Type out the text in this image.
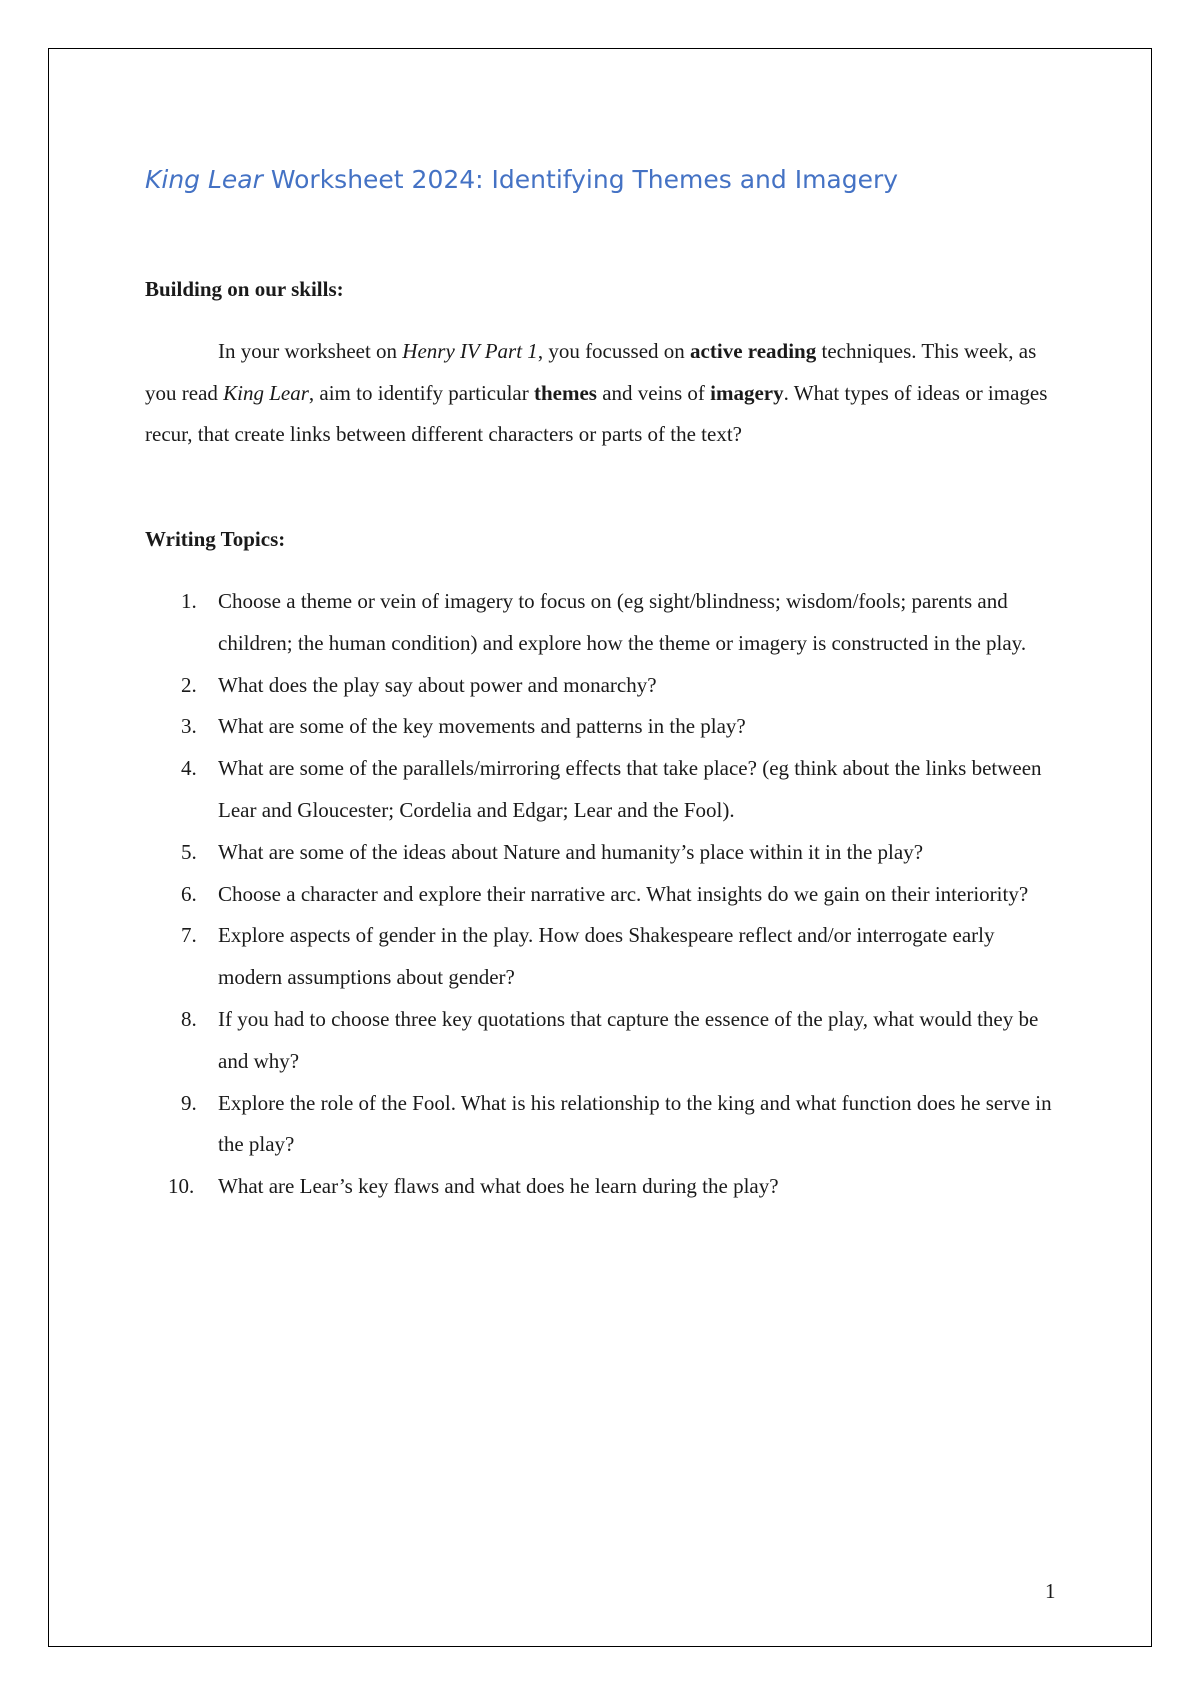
King Lear Worksheet 2024: Identifying Themes and Imagery

Building on our skills:

In your worksheet on Henry IV Part 1, you focussed on active reading techniques. This week, as you read King Lear, aim to identify particular themes and veins of imagery. What types of ideas or images recur, that create links between different characters or parts of the text?

Writing Topics:

1. Choose a theme or vein of imagery to focus on (eg sight/blindness; wisdom/fools; parents and children; the human condition) and explore how the theme or imagery is constructed in the play.
2. What does the play say about power and monarchy?
3. What are some of the key movements and patterns in the play?
4. What are some of the parallels/mirroring effects that take place? (eg think about the links between Lear and Gloucester; Cordelia and Edgar; Lear and the Fool).
5. What are some of the ideas about Nature and humanity’s place within it in the play?
6. Choose a character and explore their narrative arc. What insights do we gain on their interiority?
7. Explore aspects of gender in the play. How does Shakespeare reflect and/or interrogate early modern assumptions about gender?
8. If you had to choose three key quotations that capture the essence of the play, what would they be and why?
9. Explore the role of the Fool. What is his relationship to the king and what function does he serve in the play?
10. What are Lear’s key flaws and what does he learn during the play?
1
